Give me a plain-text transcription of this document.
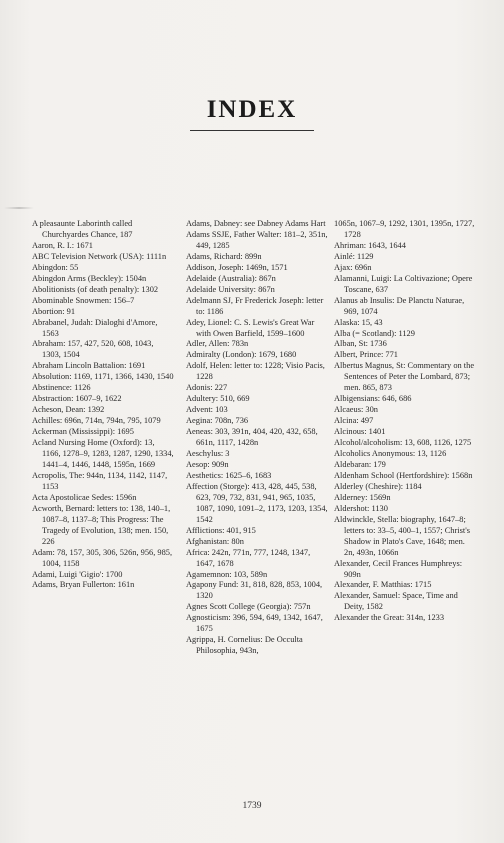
INDEX
A pleasaunte Laborinth called Churchyardes Chance, 187
Aaron, R. I.: 1671
ABC Television Network (USA): 1111n
Abingdon: 55
Abingdon Arms (Beckley): 1504n
Abolitionists (of death penalty): 1302
Abominable Snowmen: 156–7
Abortion: 91
Abrabanel, Judah: Dialoghi d'Amore, 1563
Abraham: 157, 427, 520, 608, 1043, 1303, 1504
Abraham Lincoln Battalion: 1691
Absolution: 1169, 1171, 1366, 1430, 1540
Abstinence: 1126
Abstraction: 1607–9, 1622
Acheson, Dean: 1392
Achilles: 696n, 714n, 794n, 795, 1079
Ackerman (Mississippi): 1695
Acland Nursing Home (Oxford): 13, 1166, 1278–9, 1283, 1287, 1290, 1334, 1441–4, 1446, 1448, 1595n, 1669
Acropolis, The: 944n, 1134, 1142, 1147, 1153
Acta Apostolicae Sedes: 1596n
Acworth, Bernard: letters to: 138, 140–1, 1087–8, 1137–8; This Progress: The Tragedy of Evolution, 138; men. 150, 226
Adam: 78, 157, 305, 306, 526n, 956, 985, 1004, 1158
Adami, Luigi 'Gigio': 1700
Adams, Bryan Fullerton: 161n
Adams, Dabney: see Dabney Adams Hart
Adams SSJE, Father Walter: 181–2, 351n, 449, 1285
Adams, Richard: 899n
Addison, Joseph: 1469n, 1571
Adelaide (Australia): 867n
Adelaide University: 867n
Adelmann SJ, Fr Frederick Joseph: letter to: 1186
Adey, Lionel: C. S. Lewis's Great War with Owen Barfield, 1599–1600
Adler, Allen: 783n
Admiralty (London): 1679, 1680
Adolf, Helen: letter to: 1228; Visio Pacis, 1228
Adonis: 227
Adultery: 510, 669
Advent: 103
Aegina: 708n, 736
Aeneas: 303, 391n, 404, 420, 432, 658, 661n, 1117, 1428n
Aeschylus: 3
Aesop: 909n
Aesthetics: 1625–6, 1683
Affection (Storge): 413, 428, 445, 538, 623, 709, 732, 831, 941, 965, 1035, 1087, 1090, 1091–2, 1173, 1203, 1354, 1542
Afflictions: 401, 915
Afghanistan: 80n
Africa: 242n, 771n, 777, 1248, 1347, 1647, 1678
Agamemnon: 103, 589n
Agapony Fund: 31, 818, 828, 853, 1004, 1320
Agnes Scott College (Georgia): 757n
Agnosticism: 396, 594, 649, 1342, 1647, 1675
Agrippa, H. Cornelius: De Occulta Philosophia, 943n,
1065n, 1067–9, 1292, 1301, 1395n, 1727, 1728
Ahriman: 1643, 1644
Ainlé: 1129
Ajax: 696n
Alamanni, Luigi: La Coltivazione; Opere Toscane, 637
Alanus ab Insulis: De Planctu Naturae, 969, 1074
Alaska: 15, 43
Alba (= Scotland): 1129
Alban, St: 1736
Albert, Prince: 771
Albertus Magnus, St: Commentary on the Sentences of Peter the Lombard, 873; men. 865, 873
Albigensians: 646, 686
Alcaeus: 30n
Alcina: 497
Alcinous: 1401
Alcohol/alcoholism: 13, 608, 1126, 1275
Alcoholics Anonymous: 13, 1126
Aldebaran: 179
Aldenham School (Hertfordshire): 1568n
Alderley (Cheshire): 1184
Alderney: 1569n
Aldershot: 1130
Aldwinckle, Stella: biography, 1647–8; letters to: 33–5, 400–1, 1557; Christ's Shadow in Plato's Cave, 1648; men. 2n, 493n, 1066n
Alexander, Cecil Frances Humphreys: 909n
Alexander, F. Matthias: 1715
Alexander, Samuel: Space, Time and Deity, 1582
Alexander the Great: 314n, 1233
1739
